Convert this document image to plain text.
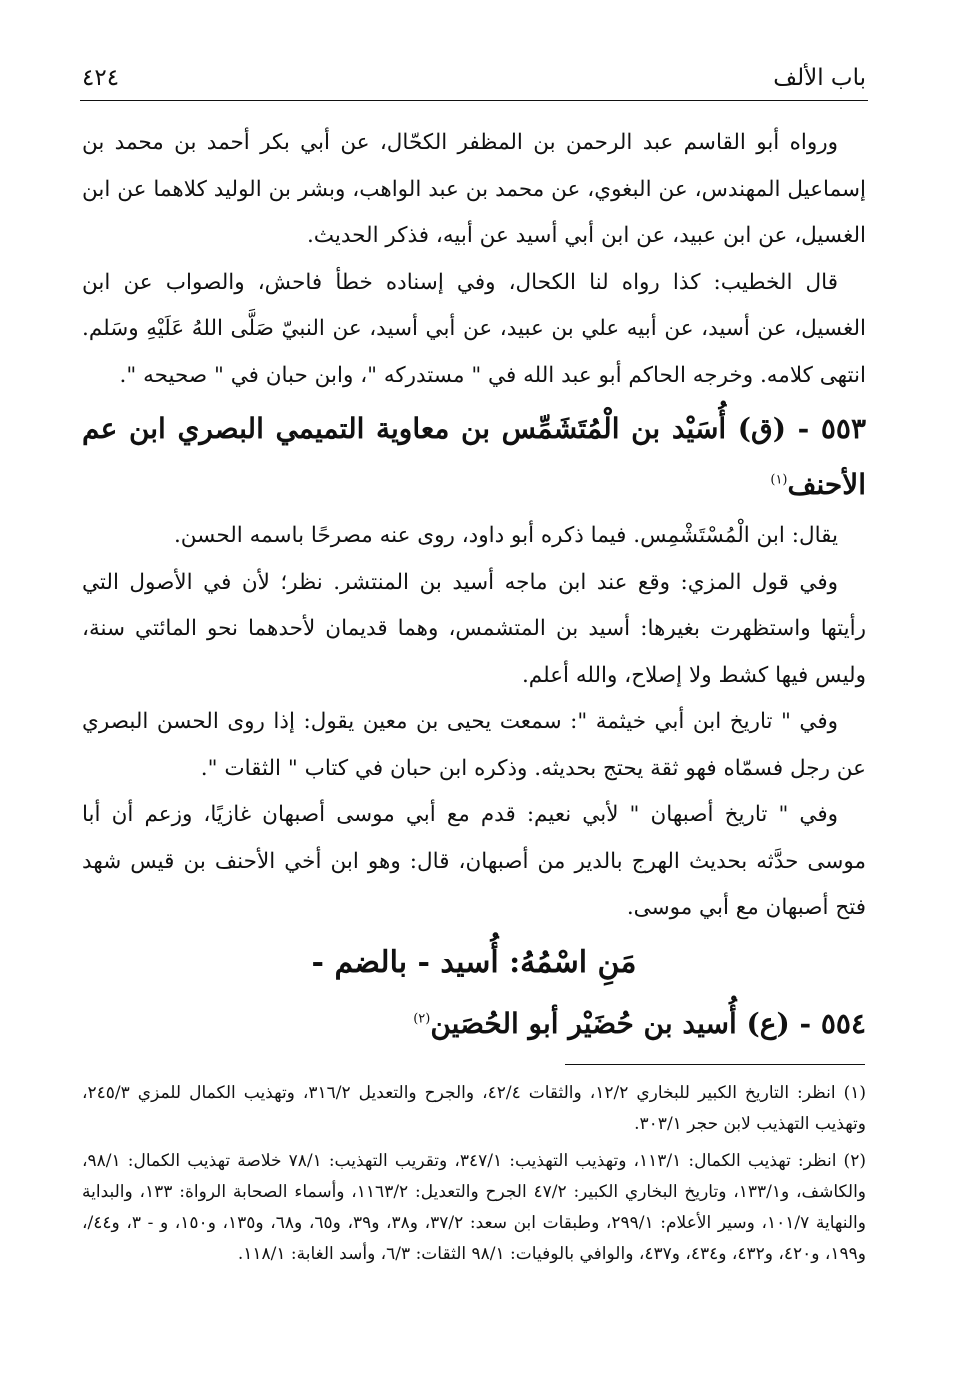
باب الألف
٤٢٤

ورواه أبو القاسم عبد الرحمن بن المظفر الكحّال، عن أبي بكر أحمد بن محمد بن إسماعيل المهندس، عن البغوي، عن محمد بن عبد الواهب، وبشر بن الوليد كلاهما عن ابن الغسيل، عن ابن عبيد، عن ابن أبي أسيد عن أبيه، فذكر الحديث.

قال الخطيب: كذا رواه لنا الكحال، وفي إسناده خطأ فاحش، والصواب عن ابن الغسيل، عن أسيد، عن أبيه علي بن عبيد، عن أبي أسيد، عن النبيّ صَلَّى اللهُ عَلَيْهِ وسَلم. انتهى كلامه. وخرجه الحاكم أبو عبد الله في " مستدركه "، وابن حبان في " صحيحه ".

٥٥٣ - (ق) أُسَيْد بن الْمُتَشَمِّس بن معاوية التميمي البصري ابن عم الأحنف$^{(١)}$

يقال: ابن الْمُسْتَشْمِس. فيما ذكره أبو داود، روى عنه مصرحًا باسمه الحسن.

وفي قول المزي: وقع عند ابن ماجه أسيد بن المنتشر. نظر؛ لأن في الأصول التي رأيتها واستظهرت بغيرها: أسيد بن المتشمس، وهما قديمان لأحدهما نحو المائتي سنة، وليس فيها كشط ولا إصلاح، والله أعلم.

وفي " تاريخ ابن أبي خيثمة ": سمعت يحيى بن معين يقول: إذا روى الحسن البصري عن رجل فسمّاه فهو ثقة يحتج بحديثه. وذكره ابن حبان في كتاب " الثقات ".

وفي " تاريخ أصبهان " لأبي نعيم: قدم مع أبي موسى أصبهان غازيًا، وزعم أن أبا موسى حدَّثه بحديث الهرج بالدير من أصبهان، قال: وهو ابن أخي الأحنف بن قيس شهد فتح أصبهان مع أبي موسى.

مَنِ اسْمُهُ: أُسيد - بالضم -
٥٥٤ - (ع) أُسيد بن حُضَيْر أبو الحُصَين$^{(٢)}$

(١) انظر: التاريخ الكبير للبخاري ١٢/٢، والثقات ٤٢/٤، والجرح والتعديل ٣١٦/٢، وتهذيب الكمال للمزي ٢٤٥/٣، وتهذيب التهذيب لابن حجر ٣٠٣/١.

(٢) انظر: تهذيب الكمال: ١١٣/١، وتهذيب التهذيب: ٣٤٧/١، وتقريب التهذيب: ٧٨/١ خلاصة تهذيب الكمال: ٩٨/١، والكاشف، و١٣٣/١، وتاريخ البخاري الكبير: ٤٧/٢ الجرح والتعديل: ١١٦٣/٢، وأسماء الصحابة الرواة: ١٣٣، والبداية والنهاية ١٠١/٧، وسير الأعلام: ٢٩٩/١، وطبقات ابن سعد: ٣٧/٢، و٣٨، و٣٩، و٦٥، و٦٨، و١٣٥، و١٥٠، و - ٣، و٤٤/، و١٩٩، و٤٢٠، و٤٣٢، و٤٣٤، و٤٣٧، والوافي بالوفيات: ٩٨/١ الثقات: ٦/٣، وأسد الغابة: ١١٨/١.
